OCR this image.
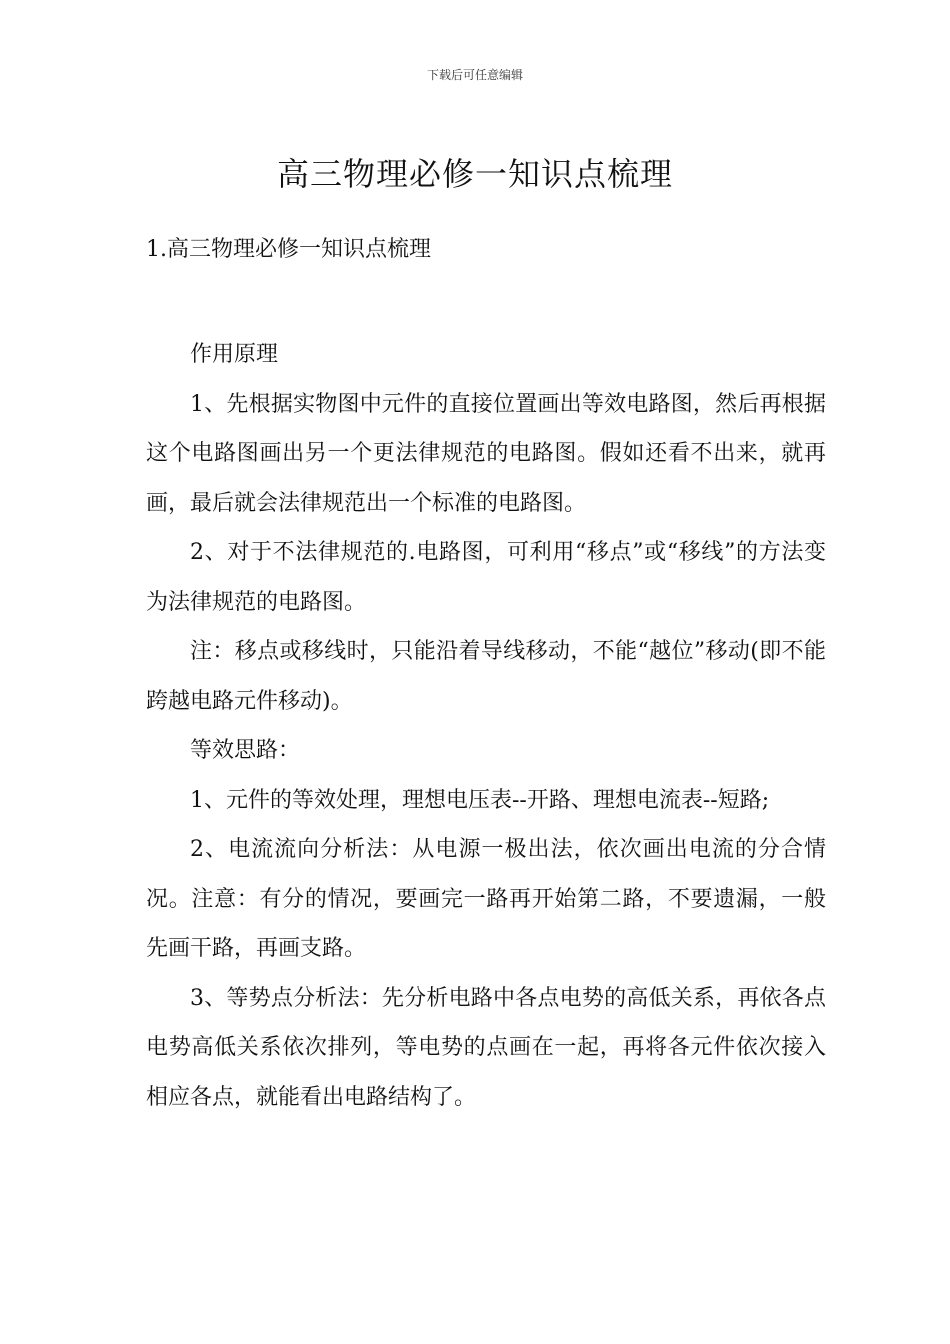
下载后可任意编辑
高三物理必修一知识点梳理
1.高三物理必修一知识点梳理

作用原理

1、先根据实物图中元件的直接位置画出等效电路图，然后再根据这个电路图画出另一个更法律规范的电路图。假如还看不出来，就再画，最后就会法律规范出一个标准的电路图。

2、对于不法律规范的.电路图，可利用“移点”或“移线”的方法变为法律规范的电路图。

注：移点或移线时，只能沿着导线移动，不能“越位”移动(即不能跨越电路元件移动)。

等效思路：

1、元件的等效处理，理想电压表--开路、理想电流表--短路;

2、电流流向分析法：从电源一极出法，依次画出电流的分合情况。注意：有分的情况，要画完一路再开始第二路，不要遗漏，一般先画干路，再画支路。

3、等势点分析法：先分析电路中各点电势的高低关系，再依各点电势高低关系依次排列，等电势的点画在一起，再将各元件依次接入相应各点，就能看出电路结构了。
